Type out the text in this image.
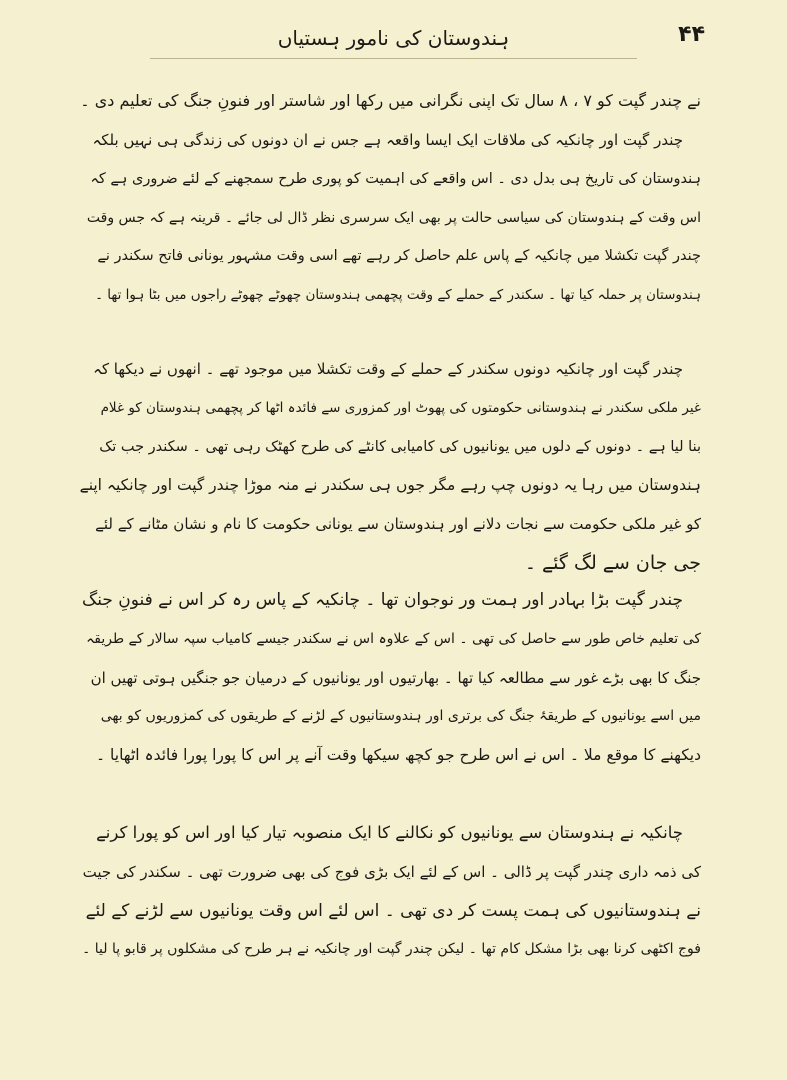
۴۴
ہندوستان کی نامور ہستیاں
نے چندر گپت کو ۷ ، ۸ سال تک اپنی نگرانی میں رکھا اور شاستر اور فنونِ جنگ کی تعلیم دی ۔
چندر گپت اور چانکیہ کی ملاقات ایک ایسا واقعہ ہے جس نے ان دونوں کی زندگی ہی نہیں بلکہ
ہندوستان کی تاریخ ہی بدل دی ۔ اس واقعے کی اہمیت کو پوری طرح سمجھنے کے لئے ضروری ہے کہ
اس وقت کے ہندوستان کی سیاسی حالت پر بھی ایک سرسری نظر ڈال لی جائے ۔ قرینہ ہے کہ جس وقت
چندر گپت تکشلا میں چانکیہ کے پاس علم حاصل کر رہے تھے اسی وقت مشہور یونانی فاتح سکندر نے
ہندوستان پر حملہ کیا تھا ۔ سکندر کے حملے کے وقت پچھمی ہندوستان چھوٹے چھوٹے راجوں میں بٹا ہوا تھا ۔
چندر گپت اور چانکیہ دونوں سکندر کے حملے کے وقت تکشلا میں موجود تھے ۔ انھوں نے دیکھا کہ
غیر ملکی سکندر نے ہندوستانی حکومتوں کی پھوٹ اور کمزوری سے فائدہ اٹھا کر پچھمی ہندوستان کو غلام
بنا لیا ہے ۔ دونوں کے دلوں میں یونانیوں کی کامیابی کانٹے کی طرح کھٹک رہی تھی ۔ سکندر جب تک
ہندوستان میں رہا یہ دونوں چپ رہے مگر جوں ہی سکندر نے منہ موڑا چندر گپت اور چانکیہ اپنے
کو غیر ملکی حکومت سے نجات دلانے اور ہندوستان سے یونانی حکومت کا نام و نشان مٹانے کے لئے
جی جان سے لگ گئے ۔
چندر گپت بڑا بہادر اور ہمت ور نوجوان تھا ۔ چانکیہ کے پاس رہ کر اس نے فنونِ جنگ
کی تعلیم خاص طور سے حاصل کی تھی ۔ اس کے علاوہ اس نے سکندر جیسے کامیاب سپہ سالار کے طریقہ
جنگ کا بھی بڑے غور سے مطالعہ کیا تھا ۔ بھارتیوں اور یونانیوں کے درمیان جو جنگیں ہوتی تھیں ان
میں اسے یونانیوں کے طریقۂ جنگ کی برتری اور ہندوستانیوں کے لڑنے کے طریقوں کی کمزوریوں کو بھی
دیکھنے کا موقع ملا ۔ اس نے اس طرح جو کچھ سیکھا وقت آنے پر اس کا پورا پورا فائدہ اٹھایا ۔
چانکیہ نے ہندوستان سے یونانیوں کو نکالنے کا ایک منصوبہ تیار کیا اور اس کو پورا کرنے
کی ذمہ داری چندر گپت پر ڈالی ۔ اس کے لئے ایک بڑی فوج کی بھی ضرورت تھی ۔ سکندر کی جیت
نے ہندوستانیوں کی ہمت پست کر دی تھی ۔ اس لئے اس وقت یونانیوں سے لڑنے کے لئے
فوج اکٹھی کرنا بھی بڑا مشکل کام تھا ۔ لیکن چندر گپت اور چانکیہ نے ہر طرح کی مشکلوں پر قابو پا لیا ۔
